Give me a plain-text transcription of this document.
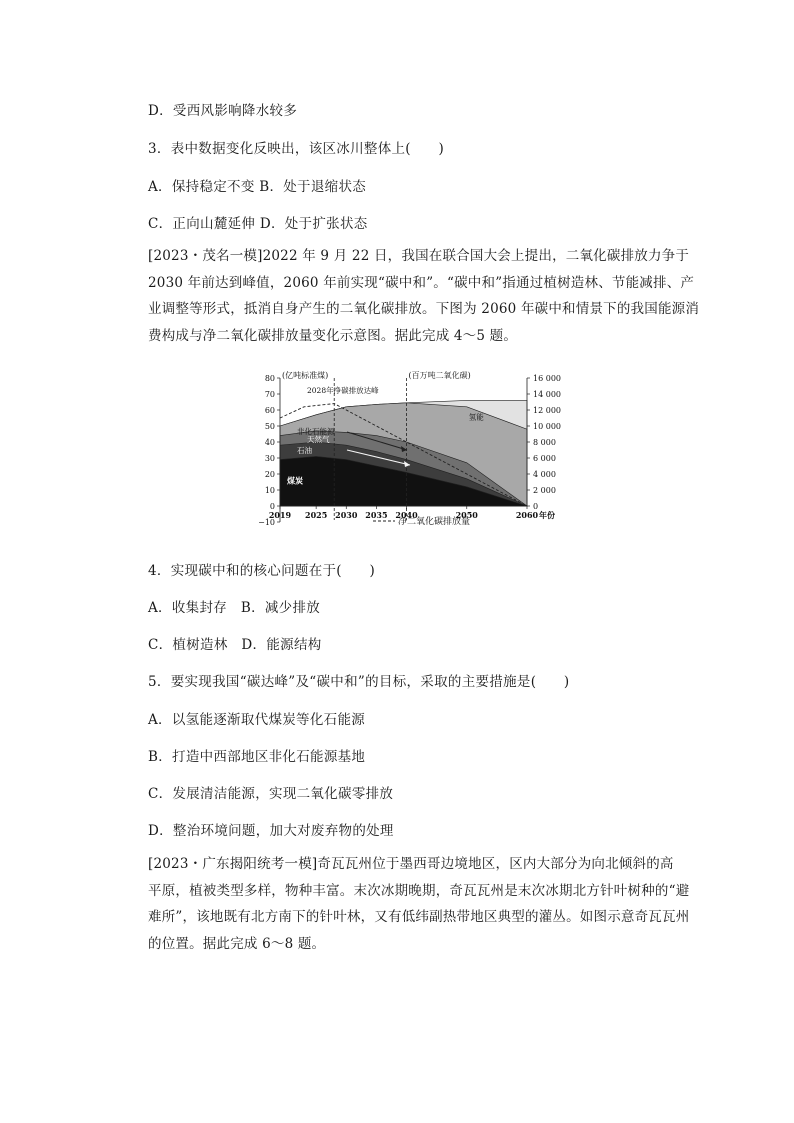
D．受西风影响降水较多
3．表中数据变化反映出，该区冰川整体上(　　)
A．保持稳定不变 B．处于退缩状态
C．正向山麓延伸 D．处于扩张状态
[2023・茂名一模]2022 年 9 月 22 日，我国在联合国大会上提出，二氧化碳排放力争于
2030 年前达到峰值，2060 年前实现“碳中和”。“碳中和”指通过植树造林、节能减排、产
业调整等形式，抵消自身产生的二氧化碳排放。下图为 2060 年碳中和情景下的我国能源消
费构成与净二氧化碳排放量变化示意图。据此完成 4～5 题。
−10
0
10
20
30
40
50
60
70
80
0
2 000
4 000
6 000
8 000
10 000
12 000
14 000
16 000
2019 2025 2030 2035 2040	2050	2060
(亿吨标准煤)	(百万吨二氧化碳)
年份
2028年净碳排放达峰
氢能
非化石能源
天然气
石油
煤炭
净二氧化碳排放量
4．实现碳中和的核心问题在于(　　)
A．收集封存　B．减少排放
C．植树造林　D．能源结构
5．要实现我国“碳达峰”及“碳中和”的目标，采取的主要措施是(　　)
A．以氢能逐渐取代煤炭等化石能源
B．打造中西部地区非化石能源基地
C．发展清洁能源，实现二氧化碳零排放
D．整治环境问题，加大对废弃物的处理
[2023・广东揭阳统考一模]奇瓦瓦州位于墨西哥边境地区，区内大部分为向北倾斜的高
平原，植被类型多样，物种丰富。末次冰期晚期，奇瓦瓦州是末次冰期北方针叶树种的“避
难所”，该地既有北方南下的针叶林，又有低纬副热带地区典型的灌丛。如图示意奇瓦瓦州
的位置。据此完成 6～8 题。
